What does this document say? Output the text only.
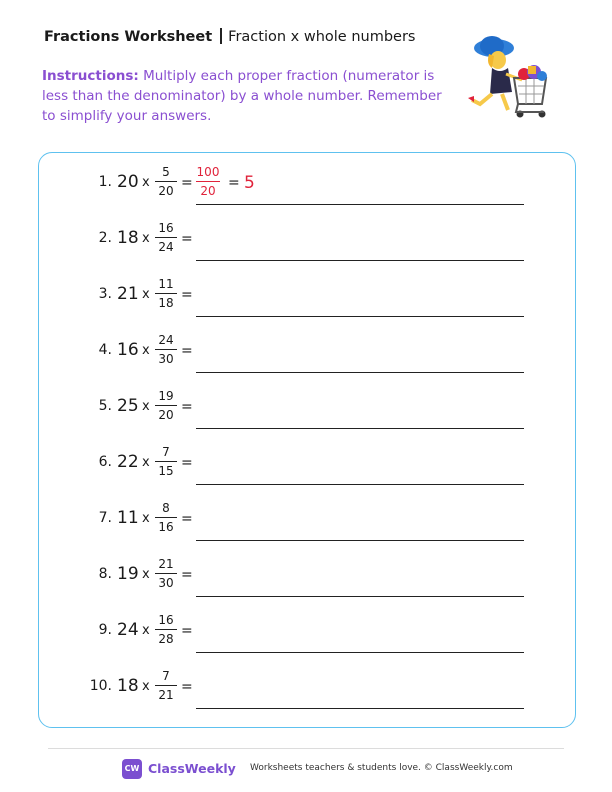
Fractions Worksheet Fraction x whole numbers
Instructions: Multiply each proper fraction (numerator is less than the denominator) by a whole number. Remember to simplify your answers.
1. 20 x
5
20 =
100
20 = 5
2. 18 x
16
24 =
3. 21 x
11
18 =
4. 16 x
24
30 =
5. 25 x
19
20 =
6. 22 x
7
15 =
7. 11 x
8
16 =
8. 19 x
21
30 =
9. 24 x
16
28 =
10. 18 x
7
21 =
CW ClassWeekly Worksheets teachers & students love. © ClassWeekly.com
